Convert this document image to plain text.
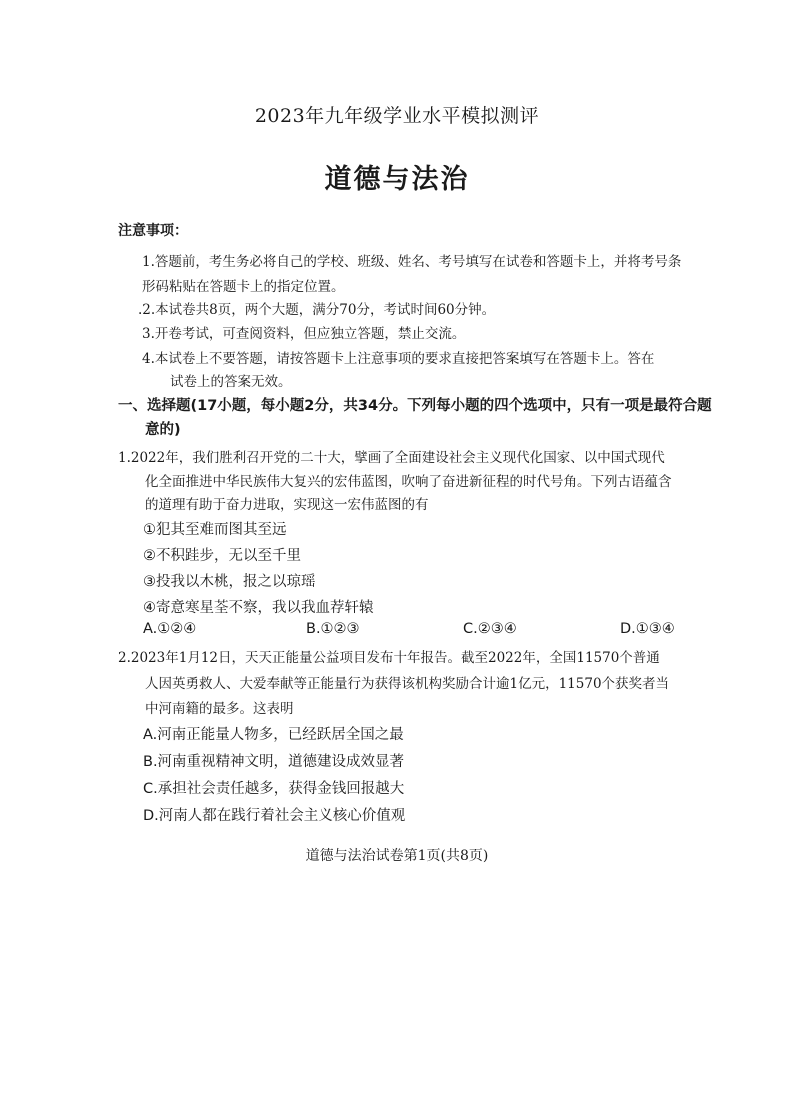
2023年九年级学业水平模拟测评
道德与法治
注意事项：
1.答题前，考生务必将自己的学校、班级、姓名、考号填写在试卷和答题卡上，并将考号条
形码粘贴在答题卡上的指定位置。
.2.本试卷共8页，两个大题，满分70分，考试时间60分钟。
3.开卷考试，可查阅资料，但应独立答题，禁止交流。
4.本试卷上不要答题，请按答题卡上注意事项的要求直接把答案填写在答题卡上。答在
试卷上的答案无效。
一、选择题(17小题，每小题2分，共34分。下列每小题的四个选项中，只有一项是最符合题
意的)
1.2022年，我们胜利召开党的二十大，擘画了全面建设社会主义现代化国家、以中国式现代
化全面推进中华民族伟大复兴的宏伟蓝图，吹响了奋进新征程的时代号角。下列古语蕴含
的道理有助于奋力进取，实现这一宏伟蓝图的有
①犯其至难而图其至远
②不积跬步，无以至千里
③投我以木桃，报之以琼瑶
④寄意寒星荃不察，我以我血荐轩辕
A.①②④	B.①②③	C.②③④	D.①③④
2.2023年1月12日，天天正能量公益项目发布十年报告。截至2022年，全国11570个普通
人因英勇救人、大爱奉献等正能量行为获得该机构奖励合计逾1亿元，11570个获奖者当
中河南籍的最多。这表明
A.河南正能量人物多，已经跃居全国之最
B.河南重视精神文明，道德建设成效显著
C.承担社会责任越多，获得金钱回报越大
D.河南人都在践行着社会主义核心价值观
道德与法治试卷第1页(共8页)
